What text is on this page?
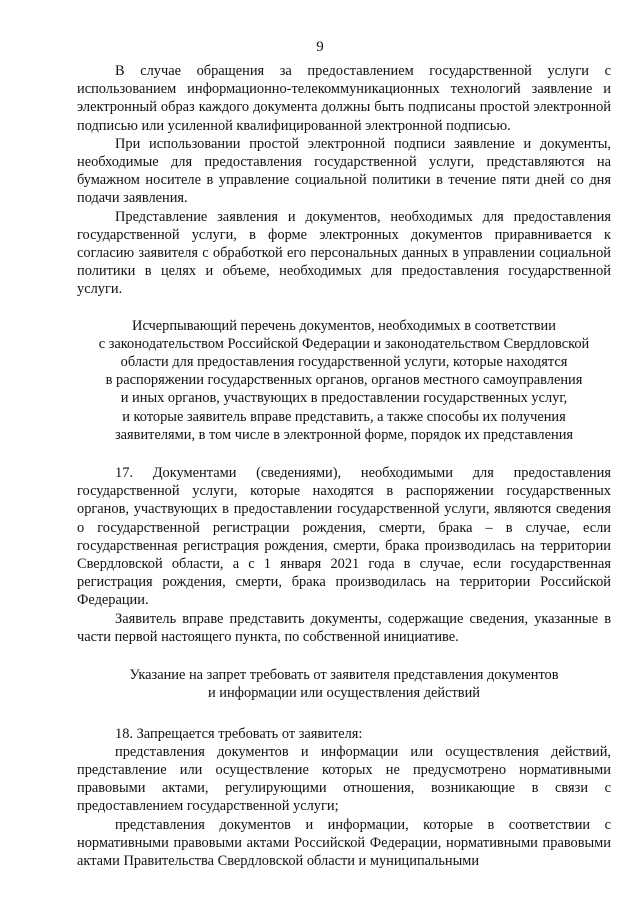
9

В случае обращения за предоставлением государственной услуги с использованием информационно-телекоммуникационных технологий заявление и электронный образ каждого документа должны быть подписаны простой электронной подписью или усиленной квалифицированной электронной подписью.

При использовании простой электронной подписи заявление и документы, необходимые для предоставления государственной услуги, представляются на бумажном носителе в управление социальной политики в течение пяти дней со дня подачи заявления.

Представление заявления и документов, необходимых для предоставления государственной услуги, в форме электронных документов приравнивается к согласию заявителя с обработкой его персональных данных в управлении социальной политики в целях и объеме, необходимых для предоставления государственной услуги.

Исчерпывающий перечень документов, необходимых в соответствии

с законодательством Российской Федерации и законодательством Свердловской

области для предоставления государственной услуги, которые находятся

в распоряжении государственных органов, органов местного самоуправления

и иных органов, участвующих в предоставлении государственных услуг,

и которые заявитель вправе представить, а также способы их получения

заявителями, в том числе в электронной форме, порядок их представления

17. Документами (сведениями), необходимыми для предоставления государственной услуги, которые находятся в распоряжении государственных органов, участвующих в предоставлении государственной услуги, являются сведения о государственной регистрации рождения, смерти, брака – в случае, если государственная регистрация рождения, смерти, брака производилась на территории Свердловской области, а с 1 января 2021 года в случае, если государственная регистрация рождения, смерти, брака производилась на территории Российской Федерации.

Заявитель вправе представить документы, содержащие сведения, указанные в части первой настоящего пункта, по собственной инициативе.

Указание на запрет требовать от заявителя представления документов

и информации или осуществления действий

18. Запрещается требовать от заявителя:

представления документов и информации или осуществления действий, представление или осуществление которых не предусмотрено нормативными правовыми актами, регулирующими отношения, возникающие в связи с предоставлением государственной услуги;

представления документов и информации, которые в соответствии с нормативными правовыми актами Российской Федерации, нормативными правовыми актами Правительства Свердловской области и муниципальными
